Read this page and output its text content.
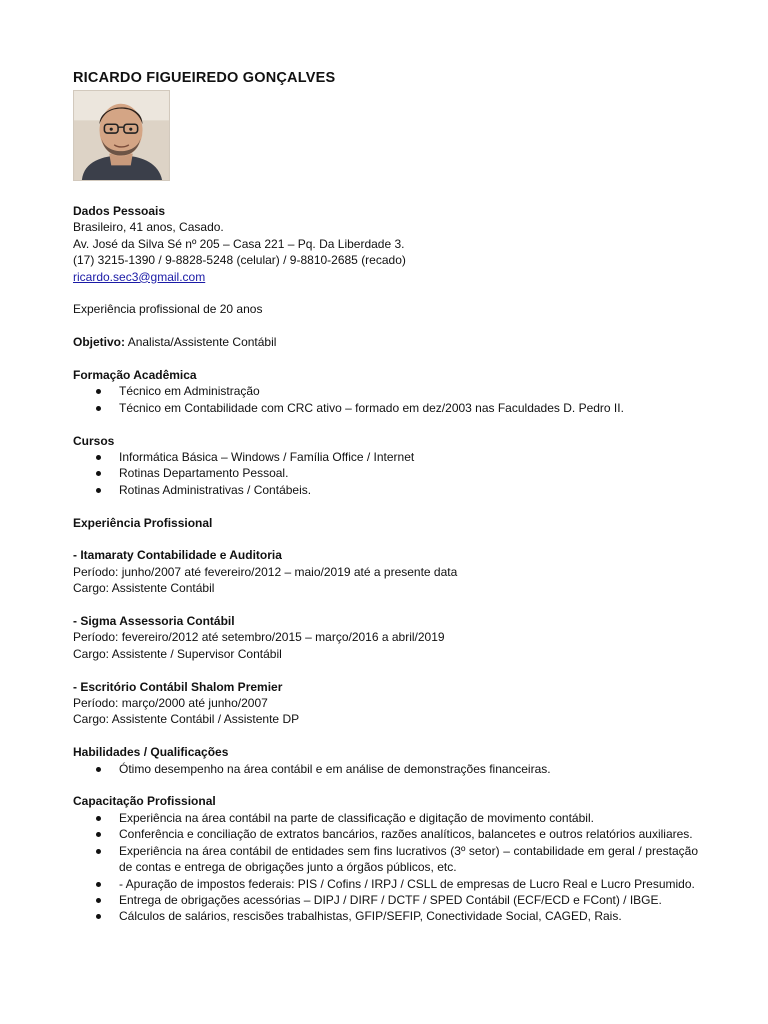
RICARDO FIGUEIREDO GONÇALVES
Dados Pessoais
Brasileiro, 41 anos, Casado.
Av. José da Silva Sé nº 205 – Casa 221 – Pq. Da Liberdade 3.
(17) 3215-1390 / 9-8828-5248 (celular) / 9-8810-2685 (recado)
ricardo.sec3@gmail.com
Experiência profissional de 20 anos
Objetivo: Analista/Assistente Contábil
Formação Acadêmica
Técnico em Administração
Técnico em Contabilidade com CRC ativo – formado em dez/2003 nas Faculdades D. Pedro II.
Cursos
Informática Básica – Windows / Família Office / Internet
Rotinas Departamento Pessoal.
Rotinas Administrativas / Contábeis.
Experiência Profissional
- Itamaraty Contabilidade e Auditoria
Período: junho/2007 até fevereiro/2012 – maio/2019 até a presente data
Cargo: Assistente Contábil
- Sigma Assessoria Contábil
Período: fevereiro/2012 até setembro/2015 – março/2016 a abril/2019
Cargo: Assistente / Supervisor Contábil
- Escritório Contábil Shalom Premier
Período: março/2000 até junho/2007
Cargo: Assistente Contábil / Assistente DP
Habilidades / Qualificações
Ótimo desempenho na área contábil e em análise de demonstrações financeiras.
Capacitação Profissional
Experiência na área contábil na parte de classificação e digitação de movimento contábil.
Conferência e conciliação de extratos bancários, razões analíticos, balancetes e outros relatórios auxiliares.
Experiência na área contábil de entidades sem fins lucrativos (3º setor) – contabilidade em geral / prestação de contas e entrega de obrigações junto a órgãos públicos, etc.
- Apuração de impostos federais: PIS / Cofins / IRPJ / CSLL de empresas de Lucro Real e Lucro Presumido.
Entrega de obrigações acessórias – DIPJ / DIRF / DCTF / SPED Contábil (ECF/ECD e FCont) / IBGE.
Cálculos de salários, rescisões trabalhistas, GFIP/SEFIP, Conectividade Social, CAGED, Rais.
